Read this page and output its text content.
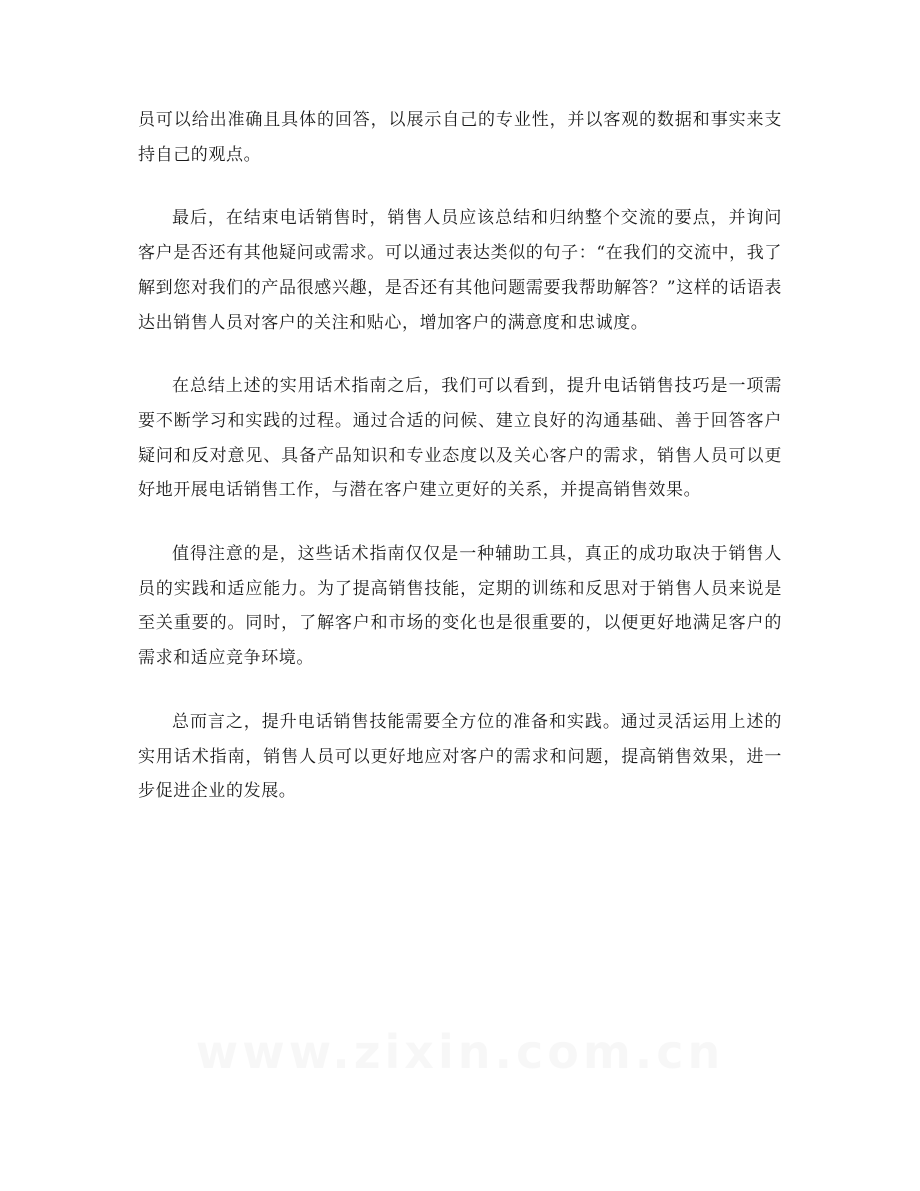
员可以给出准确且具体的回答，以展示自己的专业性，并以客观的数据和事实来支持自己的观点。

最后，在结束电话销售时，销售人员应该总结和归纳整个交流的要点，并询问客户是否还有其他疑问或需求。可以通过表达类似的句子：“在我们的交流中，我了解到您对我们的产品很感兴趣，是否还有其他问题需要我帮助解答？”这样的话语表达出销售人员对客户的关注和贴心，增加客户的满意度和忠诚度。

在总结上述的实用话术指南之后，我们可以看到，提升电话销售技巧是一项需要不断学习和实践的过程。通过合适的问候、建立良好的沟通基础、善于回答客户疑问和反对意见、具备产品知识和专业态度以及关心客户的需求，销售人员可以更好地开展电话销售工作，与潜在客户建立更好的关系，并提高销售效果。

值得注意的是，这些话术指南仅仅是一种辅助工具，真正的成功取决于销售人员的实践和适应能力。为了提高销售技能，定期的训练和反思对于销售人员来说是至关重要的。同时，了解客户和市场的变化也是很重要的，以便更好地满足客户的需求和适应竞争环境。

总而言之，提升电话销售技能需要全方位的准备和实践。通过灵活运用上述的实用话术指南，销售人员可以更好地应对客户的需求和问题，提高销售效果，进一步促进企业的发展。
